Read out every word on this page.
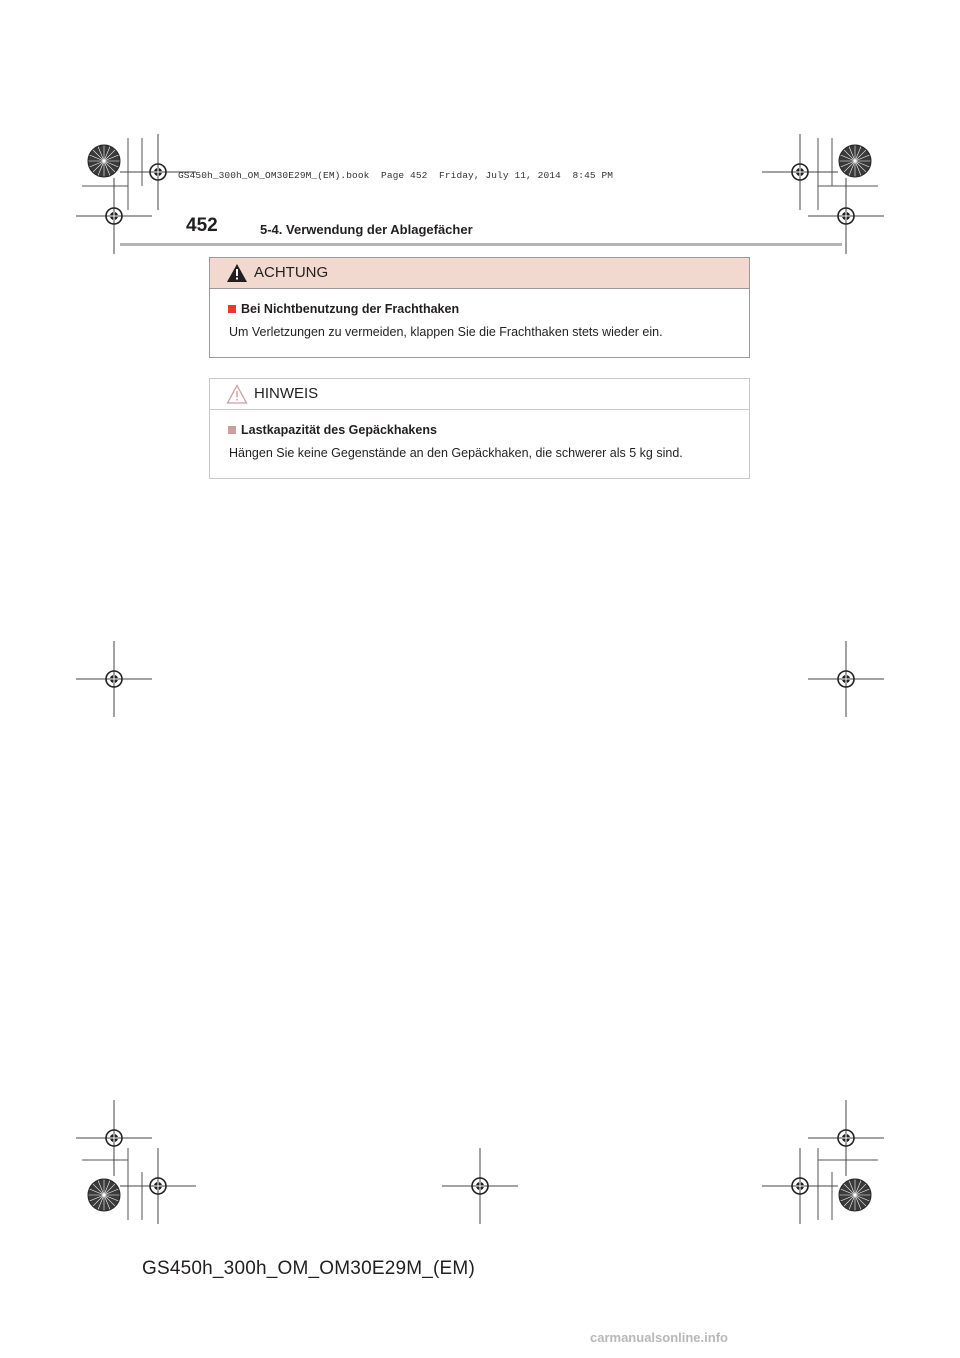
GS450h_300h_OM_OM30E29M_(EM).book  Page 452  Friday, July 11, 2014  8:45 PM
452	5-4. Verwendung der Ablagefächer
ACHTUNG
Bei Nichtbenutzung der Frachthaken
Um Verletzungen zu vermeiden, klappen Sie die Frachthaken stets wieder ein.
HINWEIS
Lastkapazität des Gepäckhakens
Hängen Sie keine Gegenstände an den Gepäckhaken, die schwerer als 5 kg sind.
GS450h_300h_OM_OM30E29M_(EM)
carmanualsonline.info
